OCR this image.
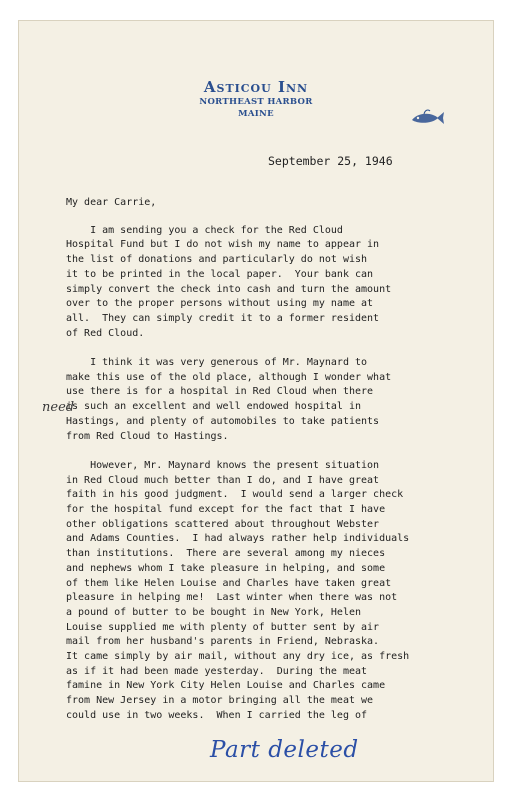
Asticou Inn
NORTHEAST HARBOR
MAINE
September 25, 1946

My dear Carrie,

I am sending you a check for the Red Cloud

Hospital Fund but I do not wish my name to appear in

the list of donations and particularly do not wish

it to be printed in the local paper.  Your bank can

simply convert the check into cash and turn the amount

over to the proper persons without using my name at

all.  They can simply credit it to a former resident

of Red Cloud.

I think it was very generous of Mr. Maynard to

make this use of the old place, although I wonder what

use there is for a hospital in Red Cloud when there

is such an excellent and well endowed hospital in

Hastings, and plenty of automobiles to take patients

from Red Cloud to Hastings.

However, Mr. Maynard knows the present situation

in Red Cloud much better than I do, and I have great

faith in his good judgment.  I would send a larger check

for the hospital fund except for the fact that I have

other obligations scattered about throughout Webster

and Adams Counties.  I had always rather help individuals

than institutions.  There are several among my nieces

and nephews whom I take pleasure in helping, and some

of them like Helen Louise and Charles have taken great

pleasure in helping me!  Last winter when there was not

a pound of butter to be bought in New York, Helen

Louise supplied me with plenty of butter sent by air

mail from her husband's parents in Friend, Nebraska.

It came simply by air mail, without any dry ice, as fresh

as if it had been made yesterday.  During the meat

famine in New York City Helen Louise and Charles came

from New Jersey in a motor bringing all the meat we

could use in two weeks.  When I carried the leg of

need
Part deleted
